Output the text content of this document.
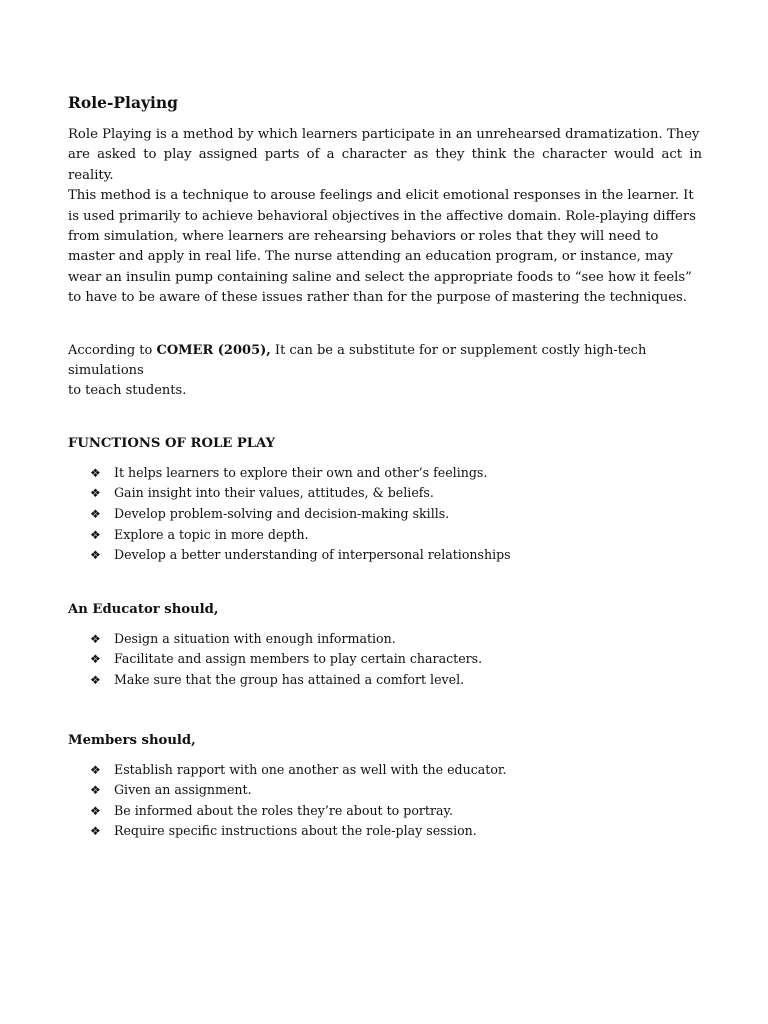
Role-Playing
Role Playing is a method by which learners participate in an unrehearsed dramatization. They
are asked to play assigned parts of a character as they think the character would act in reality.
This method is a technique to arouse feelings and elicit emotional responses in the learner. It
is used primarily to achieve behavioral objectives in the affective domain. Role-playing differs
from simulation, where learners are rehearsing behaviors or roles that they will need to
master and apply in real life. The nurse attending an education program, or instance, may
wear an insulin pump containing saline and select the appropriate foods to “see how it feels”
to have to be aware of these issues rather than for the purpose of mastering the techniques.
According to COMER (2005), It can be a substitute for or supplement costly high-tech simulations
to teach students.
FUNCTIONS OF ROLE PLAY
❖	It helps learners to explore their own and other’s feelings.
❖	Gain insight into their values, attitudes, & beliefs.
❖	Develop problem-solving and decision-making skills.
❖	Explore a topic in more depth.
❖	Develop a better understanding of interpersonal relationships
An Educator should,
❖	Design a situation with enough information.
❖	Facilitate and assign members to play certain characters.
❖	Make sure that the group has attained a comfort level.
Members should,
❖	Establish rapport with one another as well with the educator.
❖	Given an assignment.
❖	Be informed about the roles they’re about to portray.
❖	Require specific instructions about the role-play session.
